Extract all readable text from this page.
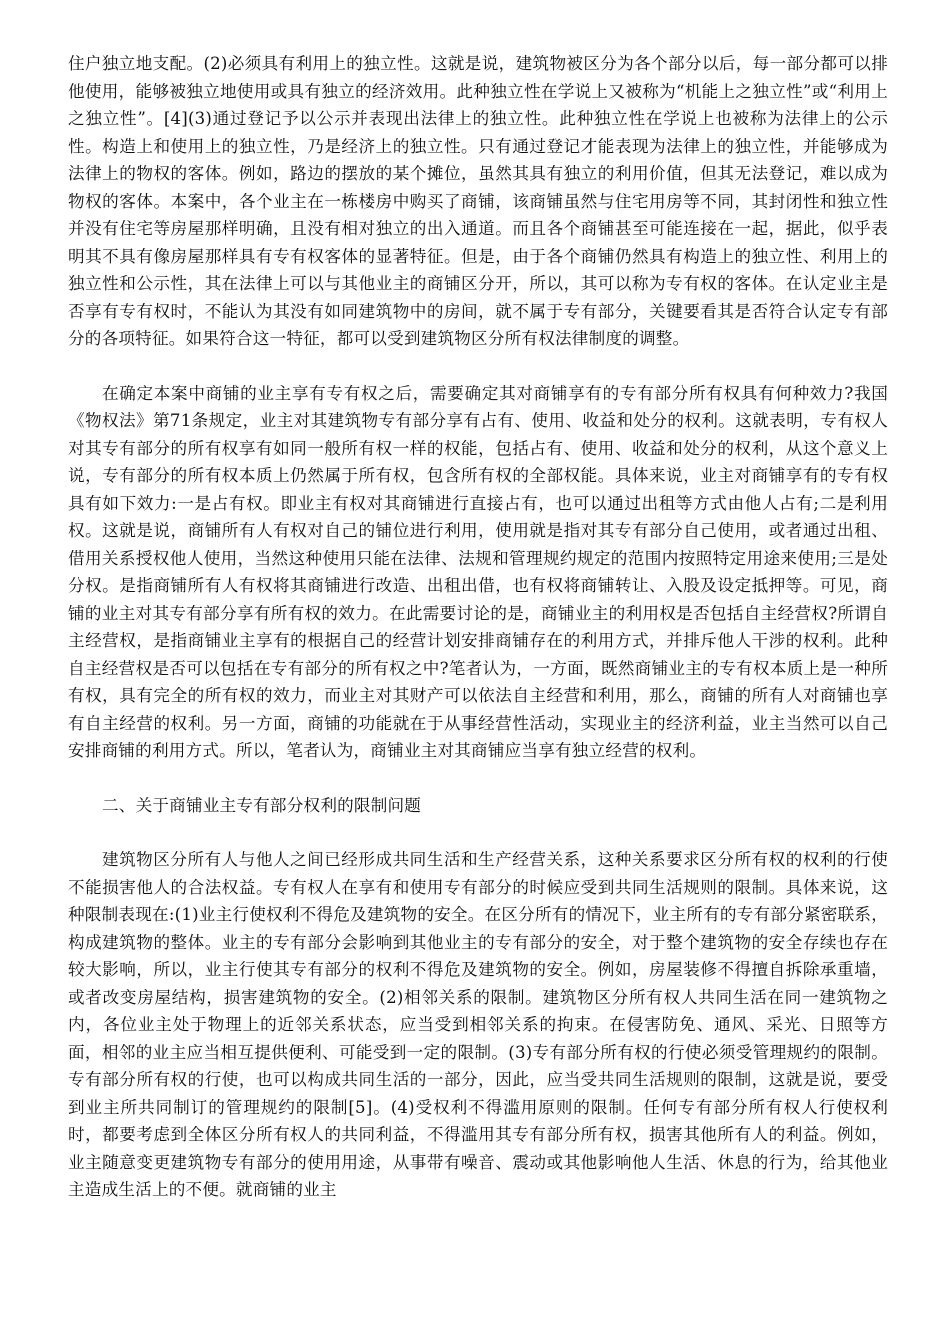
住户独立地支配。(2)必须具有利用上的独立性。这就是说，建筑物被区分为各个部分以后，每一部分都可以排他使用，能够被独立地使用或具有独立的经济效用。此种独立性在学说上又被称为“机能上之独立性”或“利用上之独立性”。[4](3)通过登记予以公示并表现出法律上的独立性。此种独立性在学说上也被称为法律上的公示性。构造上和使用上的独立性，乃是经济上的独立性。只有通过登记才能表现为法律上的独立性，并能够成为法律上的物权的客体。例如，路边的摆放的某个摊位，虽然其具有独立的利用价值，但其无法登记，难以成为物权的客体。本案中，各个业主在一栋楼房中购买了商铺，该商铺虽然与住宅用房等不同，其封闭性和独立性并没有住宅等房屋那样明确，且没有相对独立的出入通道。而且各个商铺甚至可能连接在一起，据此，似乎表明其不具有像房屋那样具有专有权客体的显著特征。但是，由于各个商铺仍然具有构造上的独立性、利用上的独立性和公示性，其在法律上可以与其他业主的商铺区分开，所以，其可以称为专有权的客体。在认定业主是否享有专有权时，不能认为其没有如同建筑物中的房间，就不属于专有部分，关键要看其是否符合认定专有部分的各项特征。如果符合这一特征，都可以受到建筑物区分所有权法律制度的调整。

在确定本案中商铺的业主享有专有权之后，需要确定其对商铺享有的专有部分所有权具有何种效力?我国《物权法》第71条规定，业主对其建筑物专有部分享有占有、使用、收益和处分的权利。这就表明，专有权人对其专有部分的所有权享有如同一般所有权一样的权能，包括占有、使用、收益和处分的权利，从这个意义上说，专有部分的所有权本质上仍然属于所有权，包含所有权的全部权能。具体来说，业主对商铺享有的专有权具有如下效力:一是占有权。即业主有权对其商铺进行直接占有，也可以通过出租等方式由他人占有;二是利用权。这就是说，商铺所有人有权对自己的铺位进行利用，使用就是指对其专有部分自己使用，或者通过出租、借用关系授权他人使用，当然这种使用只能在法律、法规和管理规约规定的范围内按照特定用途来使用;三是处分权。是指商铺所有人有权将其商铺进行改造、出租出借，也有权将商铺转让、入股及设定抵押等。可见，商铺的业主对其专有部分享有所有权的效力。在此需要讨论的是，商铺业主的利用权是否包括自主经营权?所谓自主经营权，是指商铺业主享有的根据自己的经营计划安排商铺存在的利用方式，并排斥他人干涉的权利。此种自主经营权是否可以包括在专有部分的所有权之中?笔者认为，一方面，既然商铺业主的专有权本质上是一种所有权，具有完全的所有权的效力，而业主对其财产可以依法自主经营和利用，那么，商铺的所有人对商铺也享有自主经营的权利。另一方面，商铺的功能就在于从事经营性活动，实现业主的经济利益，业主当然可以自己安排商铺的利用方式。所以，笔者认为，商铺业主对其商铺应当享有独立经营的权利。

二、关于商铺业主专有部分权利的限制问题

建筑物区分所有人与他人之间已经形成共同生活和生产经营关系，这种关系要求区分所有权的权利的行使不能损害他人的合法权益。专有权人在享有和使用专有部分的时候应受到共同生活规则的限制。具体来说，这种限制表现在:(1)业主行使权利不得危及建筑物的安全。在区分所有的情况下，业主所有的专有部分紧密联系，构成建筑物的整体。业主的专有部分会影响到其他业主的专有部分的安全，对于整个建筑物的安全存续也存在较大影响，所以，业主行使其专有部分的权利不得危及建筑物的安全。例如，房屋装修不得擅自拆除承重墙，或者改变房屋结构，损害建筑物的安全。(2)相邻关系的限制。建筑物区分所有权人共同生活在同一建筑物之内，各位业主处于物理上的近邻关系状态，应当受到相邻关系的拘束。在侵害防免、通风、采光、日照等方面，相邻的业主应当相互提供便利、可能受到一定的限制。(3)专有部分所有权的行使必须受管理规约的限制。专有部分所有权的行使，也可以构成共同生活的一部分，因此，应当受共同生活规则的限制，这就是说，要受到业主所共同制订的管理规约的限制[5]。(4)受权利不得滥用原则的限制。任何专有部分所有权人行使权利时，都要考虑到全体区分所有权人的共同利益，不得滥用其专有部分所有权，损害其他所有人的利益。例如，业主随意变更建筑物专有部分的使用用途，从事带有噪音、震动或其他影响他人生活、休息的行为，给其他业主造成生活上的不便。就商铺的业主
